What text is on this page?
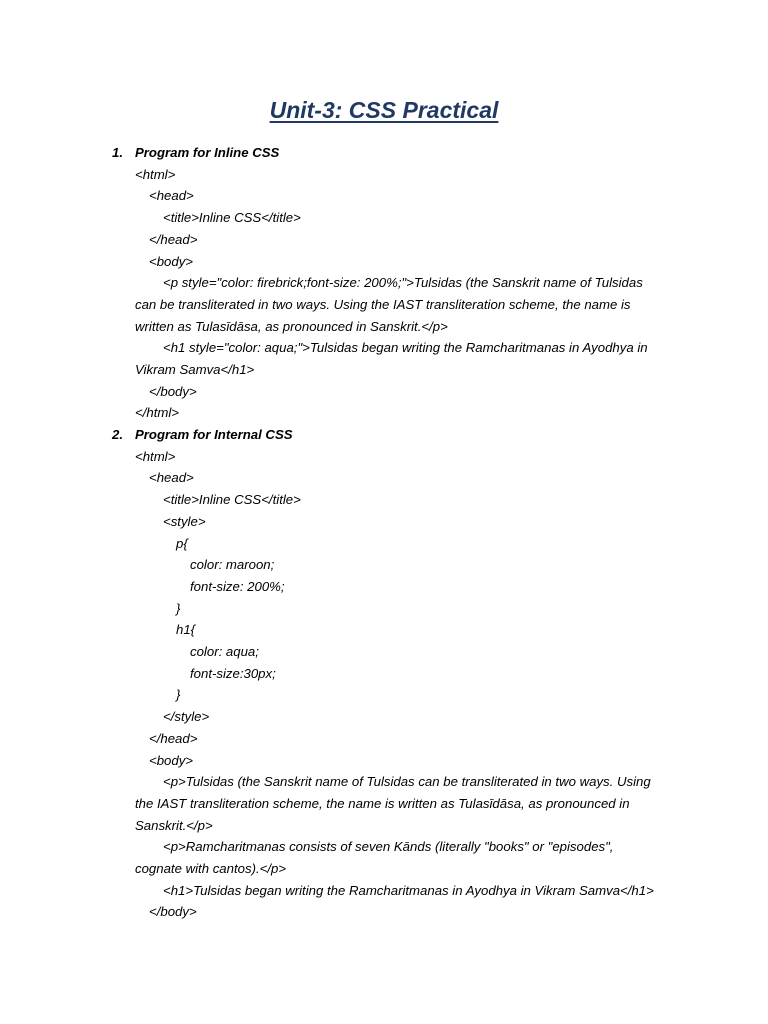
Unit-3: CSS Practical
1. Program for Inline CSS
<html>
<head>
<title>Inline CSS</title>
</head>
<body>
<p style="color: firebrick;font-size: 200%;">Tulsidas (the Sanskrit name of Tulsidas
can be transliterated in two ways. Using the IAST transliteration scheme, the name is
written as Tulasīdāsa, as pronounced in Sanskrit.</p>
<h1 style="color: aqua;">Tulsidas began writing the Ramcharitmanas in Ayodhya in
Vikram Samva</h1>
</body>
</html>
2. Program for Internal CSS
<html>
<head>
<title>Inline CSS</title>
<style>
p{
color: maroon;
font-size: 200%;
}
h1{
color: aqua;
font-size:30px;
}
</style>
</head>
<body>
<p>Tulsidas (the Sanskrit name of Tulsidas can be transliterated in two ways. Using
the IAST transliteration scheme, the name is written as Tulasīdāsa, as pronounced in
Sanskrit.</p>
<p>Ramcharitmanas consists of seven Kānds (literally "books" or "episodes",
cognate with cantos).</p>
<h1>Tulsidas began writing the Ramcharitmanas in Ayodhya in Vikram Samva</h1>
</body>
